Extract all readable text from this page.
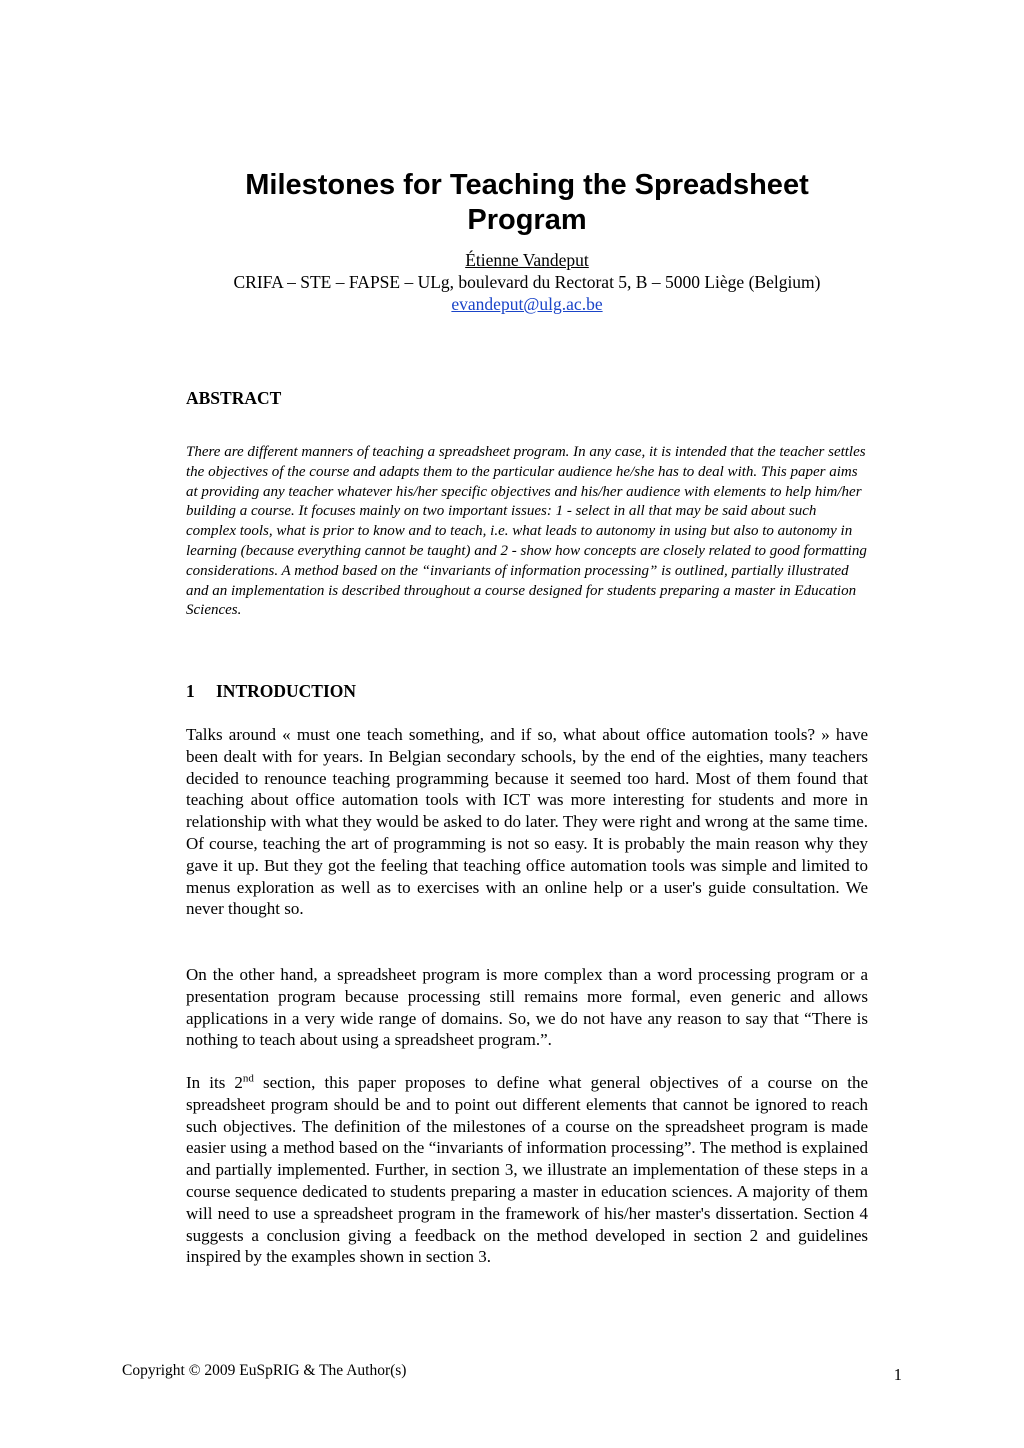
Milestones for Teaching the Spreadsheet Program
Étienne Vandeput
CRIFA – STE – FAPSE – ULg, boulevard du Rectorat 5, B – 5000 Liège (Belgium)
evandeput@ulg.ac.be
ABSTRACT
There are different manners of teaching a spreadsheet program. In any case, it is intended that the teacher settles the objectives of the course and adapts them to the particular audience he/she has to deal with. This paper aims at providing any teacher whatever his/her specific objectives and his/her audience with elements to help him/her building a course. It focuses mainly on two important issues: 1 - select in all that may be said about such complex tools, what is prior to know and to teach, i.e. what leads to autonomy in using but also to autonomy in learning (because everything cannot be taught) and 2 - show how concepts are closely related to good formatting considerations. A method based on the “invariants of information processing” is outlined, partially illustrated and an implementation is described throughout a course designed for students preparing a master in Education Sciences.
1 INTRODUCTION
Talks around « must one teach something, and if so, what about office automation tools? » have been dealt with for years. In Belgian secondary schools, by the end of the eighties, many teachers decided to renounce teaching programming because it seemed too hard. Most of them found that teaching about office automation tools with ICT was more interesting for students and more in relationship with what they would be asked to do later. They were right and wrong at the same time. Of course, teaching the art of programming is not so easy. It is probably the main reason why they gave it up. But they got the feeling that teaching office automation tools was simple and limited to menus exploration as well as to exercises with an online help or a user's guide consultation. We never thought so.
On the other hand, a spreadsheet program is more complex than a word processing program or a presentation program because processing still remains more formal, even generic and allows applications in a very wide range of domains. So, we do not have any reason to say that “There is nothing to teach about using a spreadsheet program.”.
In its 2nd section, this paper proposes to define what general objectives of a course on the spreadsheet program should be and to point out different elements that cannot be ignored to reach such objectives. The definition of the milestones of a course on the spreadsheet program is made easier using a method based on the “invariants of information processing”. The method is explained and partially implemented. Further, in section 3, we illustrate an implementation of these steps in a course sequence dedicated to students preparing a master in education sciences. A majority of them will need to use a spreadsheet program in the framework of his/her master's dissertation. Section 4 suggests a conclusion giving a feedback on the method developed in section 2 and guidelines inspired by the examples shown in section 3.
Copyright © 2009 EuSpRIG & The Author(s)	1
